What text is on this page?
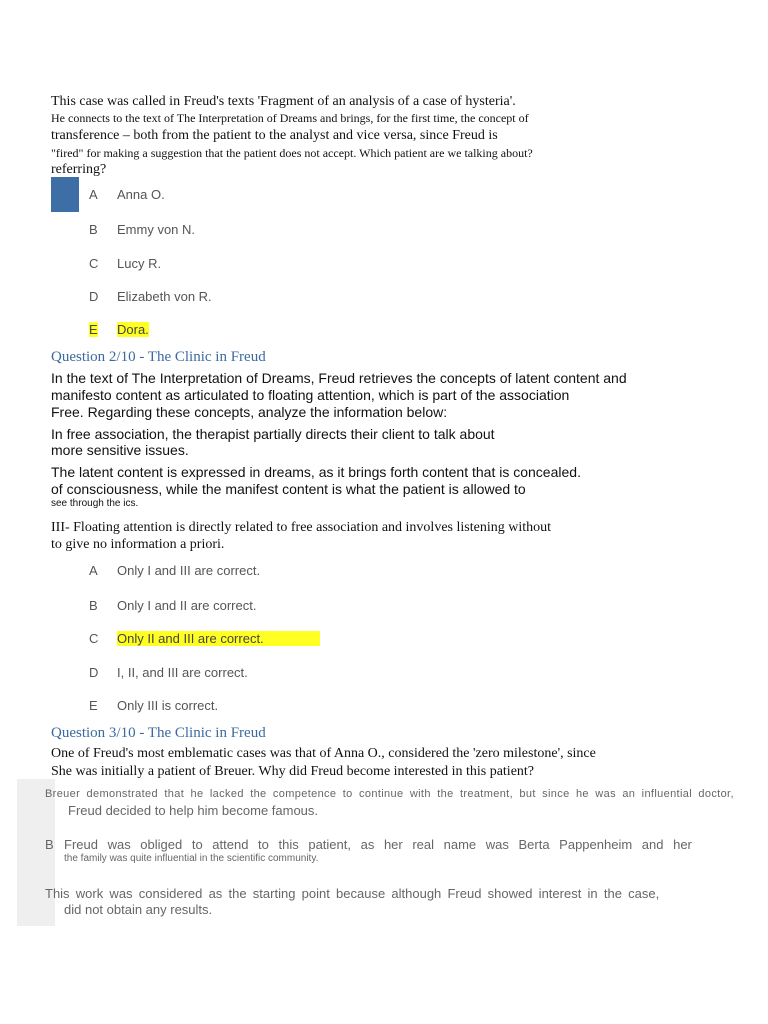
This case was called in Freud's texts 'Fragment of an analysis of a case of hysteria'.
He connects to the text of The Interpretation of Dreams and brings, for the first time, the concept of
transference – both from the patient to the analyst and vice versa, since Freud is
"fired" for making a suggestion that the patient does not accept. Which patient are we talking about?
referring?
A Anna O.
B Emmy von N.
C Lucy R.
D Elizabeth von R.
E Dora.
Question 2/10 - The Clinic in Freud
In the text of The Interpretation of Dreams, Freud retrieves the concepts of latent content and
manifesto content as articulated to floating attention, which is part of the association
Free. Regarding these concepts, analyze the information below:
In free association, the therapist partially directs their client to talk about
more sensitive issues.
The latent content is expressed in dreams, as it brings forth content that is concealed.
of consciousness, while the manifest content is what the patient is allowed to
see through the ics.
III- Floating attention is directly related to free association and involves listening without
to give no information a priori.
A Only I and III are correct.
B Only I and II are correct.
C Only II and III are correct.
D I, II, and III are correct.
E Only III is correct.
Question 3/10 - The Clinic in Freud
One of Freud's most emblematic cases was that of Anna O., considered the 'zero milestone', since
She was initially a patient of Breuer. Why did Freud become interested in this patient?
Breuer demonstrated that he lacked the competence to continue with the treatment, but since he was an influential doctor,
Freud decided to help him become famous.
B Freud was obliged to attend to this patient, as her real name was Berta Pappenheim and her
the family was quite influential in the scientific community.
This work was considered as the starting point because although Freud showed interest in the case,
did not obtain any results.
